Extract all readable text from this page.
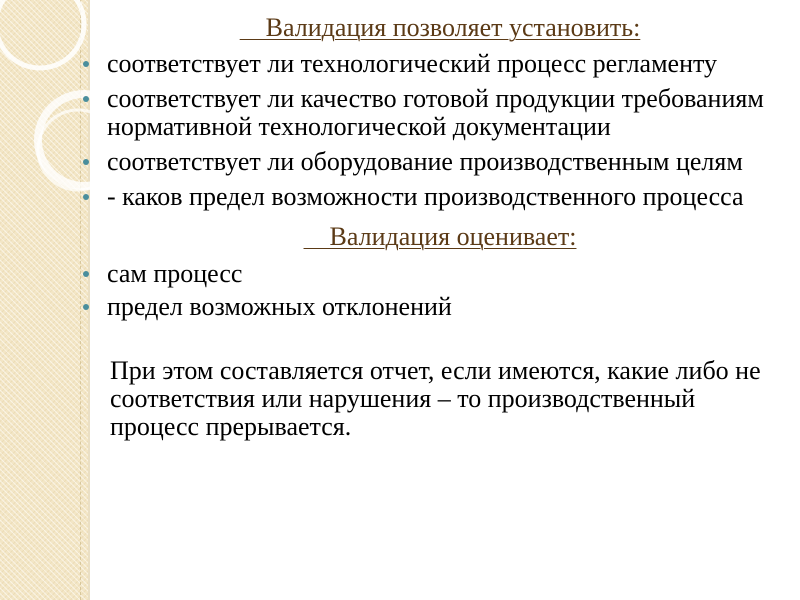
Валидация позволяет установить:
соответствует ли технологический процесс регламенту
соответствует ли качество готовой продукции требованиям нормативной технологической документации
соответствует ли оборудование производственным целям
- каков предел возможности производственного процесса
Валидация оценивает:
сам процесс
предел возможных отклонений
При этом составляется отчет, если имеются, какие либо не соответствия или нарушения – то производственный процесс прерывается.
